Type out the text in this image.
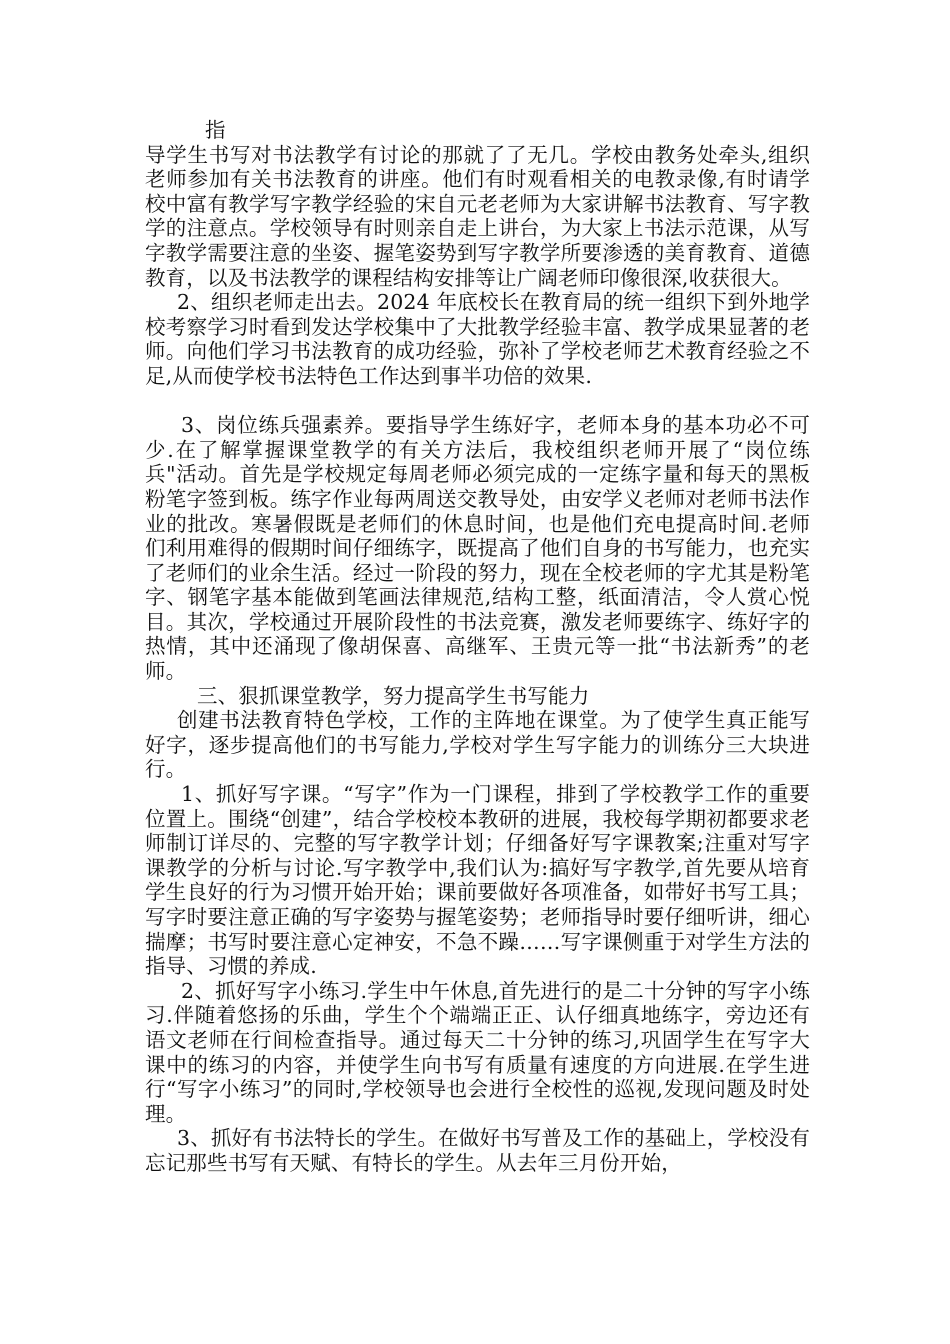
指

导学生书写对书法教学有讨论的那就了了无几。学校由教务处牵头,组织老师参加有关书法教育的讲座。他们有时观看相关的电教录像,有时请学校中富有教学写字教学经验的宋自元老老师为大家讲解书法教育、写字教学的注意点。学校领导有时则亲自走上讲台，为大家上书法示范课，从写字教学需要注意的坐姿、握笔姿势到写字教学所要渗透的美育教育、道德教育，以及书法教学的课程结构安排等让广阔老师印像很深,收获很大。

2、组织老师走出去。2024 年底校长在教育局的统一组织下到外地学校考察学习时看到发达学校集中了大批教学经验丰富、教学成果显著的老师。向他们学习书法教育的成功经验，弥补了学校老师艺术教育经验之不足,从而使学校书法特色工作达到事半功倍的效果.

3、岗位练兵强素养。要指导学生练好字，老师本身的基本功必不可少.在了解掌握课堂教学的有关方法后，我校组织老师开展了“岗位练兵"活动。首先是学校规定每周老师必须完成的一定练字量和每天的黑板粉笔字签到板。练字作业每两周送交教导处，由安学义老师对老师书法作业的批改。寒暑假既是老师们的休息时间，也是他们充电提高时间.老师们利用难得的假期时间仔细练字，既提高了他们自身的书写能力，也充实了老师们的业余生活。经过一阶段的努力，现在全校老师的字尤其是粉笔字、钢笔字基本能做到笔画法律规范,结构工整，纸面清洁，令人赏心悦目。其次，学校通过开展阶段性的书法竞赛，激发老师要练字、练好字的热情，其中还涌现了像胡保喜、高继军、王贵元等一批“书法新秀”的老师。

三、狠抓课堂教学，努力提高学生书写能力

创建书法教育特色学校，工作的主阵地在课堂。为了使学生真正能写好字，逐步提高他们的书写能力,学校对学生写字能力的训练分三大块进行。

1、抓好写字课。“写字”作为一门课程，排到了学校教学工作的重要位置上。围绕“创建”，结合学校校本教研的进展，我校每学期初都要求老师制订详尽的、完整的写字教学计划；仔细备好写字课教案;注重对写字课教学的分析与讨论.写字教学中,我们认为:搞好写字教学,首先要从培育学生良好的行为习惯开始开始；课前要做好各项准备，如带好书写工具；写字时要注意正确的写字姿势与握笔姿势；老师指导时要仔细听讲，细心揣摩；书写时要注意心定神安，不急不躁……写字课侧重于对学生方法的指导、习惯的养成.

2、抓好写字小练习.学生中午休息,首先进行的是二十分钟的写字小练习.伴随着悠扬的乐曲，学生个个端端正正、认仔细真地练字，旁边还有语文老师在行间检查指导。通过每天二十分钟的练习,巩固学生在写字大课中的练习的内容，并使学生向书写有质量有速度的方向进展.在学生进行“写字小练习”的同时,学校领导也会进行全校性的巡视,发现问题及时处理。

3、抓好有书法特长的学生。在做好书写普及工作的基础上，学校没有忘记那些书写有天赋、有特长的学生。从去年三月份开始，
